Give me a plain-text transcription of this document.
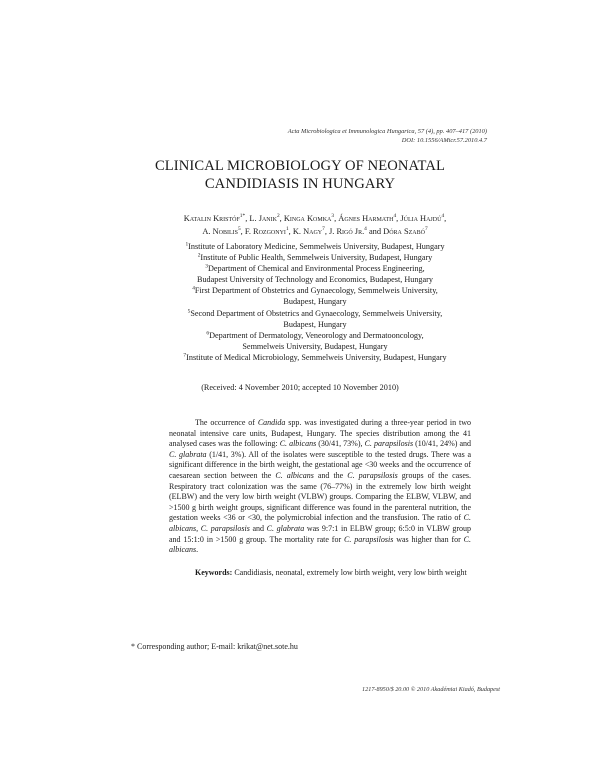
Acta Microbiologica et Immunologica Hungarica, 57 (4), pp. 407–417 (2010)
DOI: 10.1556/AMicr.57.2010.4.7
CLINICAL MICROBIOLOGY OF NEONATAL
CANDIDIASIS IN HUNGARY
Katalin Kristóf$^{1*}$, L. Janik$^2$, Kinga Komka$^3$, Ágnes Harmath$^4$, Júlia Hajdú$^4$,
A. Nobilis$^5$, F. Rozgonyi$^1$, K. Nagy$^7$, J. Rigó Jr.$^4$ and Dóra Szabó$^7$
$^1$Institute of Laboratory Medicine, Semmelweis University, Budapest, Hungary
$^2$Institute of Public Health, Semmelweis University, Budapest, Hungary
$^3$Department of Chemical and Environmental Process Engineering,
Budapest University of Technology and Economics, Budapest, Hungary
$^4$First Department of Obstetrics and Gynaecology, Semmelweis University,
Budapest, Hungary
$^5$Second Department of Obstetrics and Gynaecology, Semmelweis University,
Budapest, Hungary
$^6$Department of Dermatology, Veneorology and Dermatooncology,
Semmelweis University, Budapest, Hungary
$^7$Institute of Medical Microbiology, Semmelweis University, Budapest, Hungary
(Received: 4 November 2010; accepted 10 November 2010)

The occurrence of Candida spp. was investigated during a three-year period in two neonatal intensive care units, Budapest, Hungary. The species distribution among the 41 analysed cases was the following: C. albicans (30/41, 73%), C. parapsilosis (10/41, 24%) and C. glabrata (1/41, 3%). All of the isolates were susceptible to the tested drugs. There was a significant difference in the birth weight, the gestational age <30 weeks and the occurrence of caesarean section between the C. albicans and the C. parapsilosis groups of the cases. Respiratory tract colonization was the same (76–77%) in the extremely low birth weight (ELBW) and the very low birth weight (VLBW) groups. Comparing the ELBW, VLBW, and >1500 g birth weight groups, significant difference was found in the parenteral nutrition, the gestation weeks <36 or <30, the polymicrobial infection and the transfusion. The ratio of C. albicans, C. parapsilosis and C. glabrata was 9:7:1 in ELBW group; 6:5:0 in VLBW group and 15:1:0 in >1500 g group. The mortality rate for C. parapsilosis was higher than for C. albicans.

Keywords: Candidiasis, neonatal, extremely low birth weight, very low birth weight
* Corresponding author; E-mail: krikat@net.sote.hu
1217-8950/$ 20.00 © 2010 Akadémiai Kiadó, Budapest
